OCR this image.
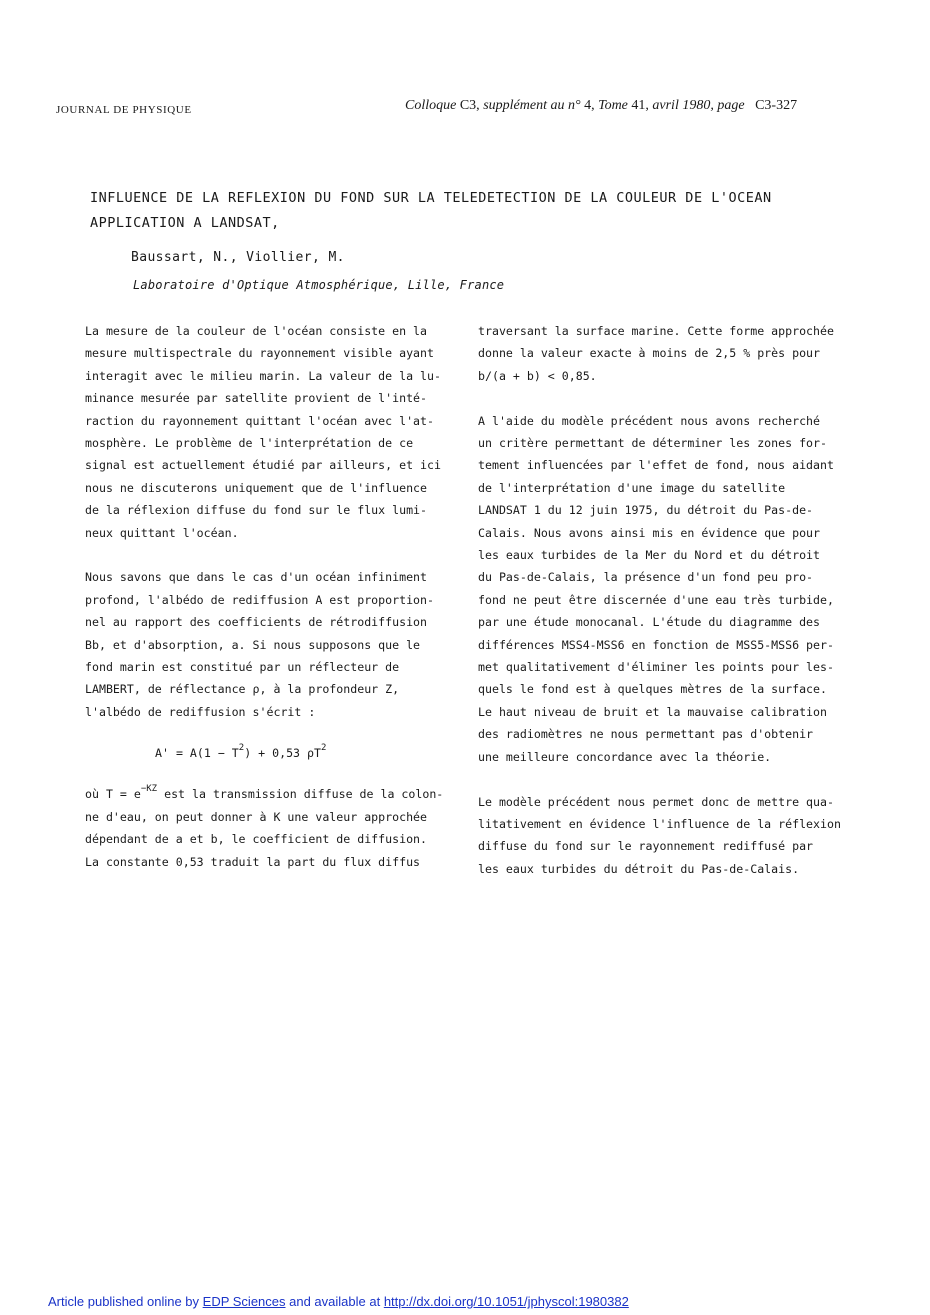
JOURNAL DE PHYSIQUE	Colloque C3, supplément au n° 4, Tome 41, avril 1980, page C3-327
INFLUENCE DE LA REFLEXION DU FOND SUR LA TELEDETECTION DE LA COULEUR DE L'OCEAN
APPLICATION A LANDSAT,
Baussart, N., Viollier, M.
Laboratoire d'Optique Atmosphérique, Lille, France

La mesure de la couleur de l'océan consiste en la

mesure multispectrale du rayonnement visible ayant

interagit avec le milieu marin. La valeur de la lu-

minance mesurée par satellite provient de l'inté-

raction du rayonnement quittant l'océan avec l'at-

mosphère. Le problème de l'interprétation de ce

signal est actuellement étudié par ailleurs, et ici

nous ne discuterons uniquement que de l'influence

de la réflexion diffuse du fond sur le flux lumi-

neux quittant l'océan.

Nous savons que dans le cas d'un océan infiniment

profond, l'albédo de rediffusion A est proportion-

nel au rapport des coefficients de rétrodiffusion

Bb, et d'absorption, a. Si nous supposons que le

fond marin est constitué par un réflecteur de

LAMBERT, de réflectance ρ, à la profondeur Z,

l'albédo de rediffusion s'écrit :

$A' = A(1 - T^2) + 0,53$ $\rho T^2$

où $T = e^{-KZ}$ est la transmission diffuse de la colon-

ne d'eau, on peut donner à K une valeur approchée

dépendant de a et b, le coefficient de diffusion.

La constante 0,53 traduit la part du flux diffus

traversant la surface marine. Cette forme approchée

donne la valeur exacte à moins de 2,5 % près pour

b/(a + b) < 0,85.

A l'aide du modèle précédent nous avons recherché

un critère permettant de déterminer les zones for-

tement influencées par l'effet de fond, nous aidant

de l'interprétation d'une image du satellite

LANDSAT 1 du 12 juin 1975, du détroit du Pas-de-

Calais. Nous avons ainsi mis en évidence que pour

les eaux turbides de la Mer du Nord et du détroit

du Pas-de-Calais, la présence d'un fond peu pro-

fond ne peut être discernée d'une eau très turbide,

par une étude monocanal. L'étude du diagramme des

différences MSS4-MSS6 en fonction de MSS5-MSS6 per-

met qualitativement d'éliminer les points pour les-

quels le fond est à quelques mètres de la surface.

Le haut niveau de bruit et la mauvaise calibration

des radiomètres ne nous permettant pas d'obtenir

une meilleure concordance avec la théorie.

Le modèle précédent nous permet donc de mettre qua-

litativement en évidence l'influence de la réflexion

diffuse du fond sur le rayonnement rediffusé par

les eaux turbides du détroit du Pas-de-Calais.

Article published online by EDP Sciences and available at http://dx.doi.org/10.1051/jphyscol:1980382
